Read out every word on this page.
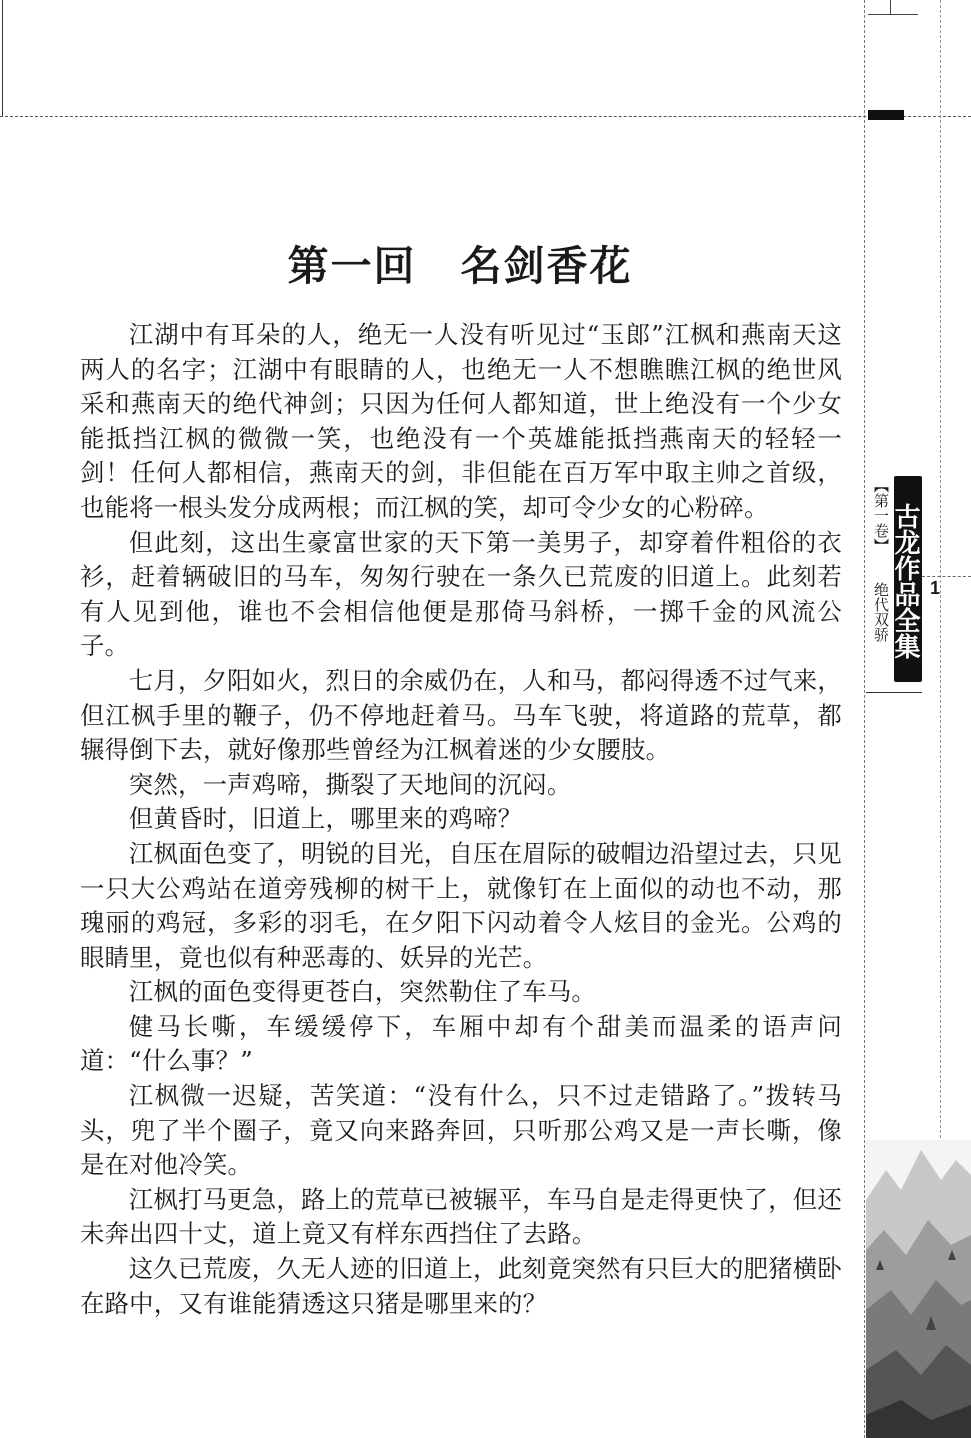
第一回 名剑香花

江湖中有耳朵的人，绝无一人没有听见过“玉郎”江枫和燕南天这两人的名字；江湖中有眼睛的人，也绝无一人不想瞧瞧江枫的绝世风采和燕南天的绝代神剑；只因为任何人都知道，世上绝没有一个少女能抵挡江枫的微微一笑，也绝没有一个英雄能抵挡燕南天的轻轻一剑！任何人都相信，燕南天的剑，非但能在百万军中取主帅之首级，也能将一根头发分成两根；而江枫的笑，却可令少女的心粉碎。

但此刻，这出生豪富世家的天下第一美男子，却穿着件粗俗的衣衫，赶着辆破旧的马车，匆匆行驶在一条久已荒废的旧道上。此刻若有人见到他，谁也不会相信他便是那倚马斜桥，一掷千金的风流公子。

七月，夕阳如火，烈日的余威仍在，人和马，都闷得透不过气来，但江枫手里的鞭子，仍不停地赶着马。马车飞驶，将道路的荒草，都辗得倒下去，就好像那些曾经为江枫着迷的少女腰肢。

突然，一声鸡啼，撕裂了天地间的沉闷。

但黄昏时，旧道上，哪里来的鸡啼？

江枫面色变了，明锐的目光，自压在眉际的破帽边沿望过去，只见一只大公鸡站在道旁残柳的树干上，就像钉在上面似的动也不动，那瑰丽的鸡冠，多彩的羽毛，在夕阳下闪动着令人炫目的金光。公鸡的眼睛里，竟也似有种恶毒的、妖异的光芒。

江枫的面色变得更苍白，突然勒住了车马。

健马长嘶，车缓缓停下，车厢中却有个甜美而温柔的语声问道：“什么事？”

江枫微一迟疑，苦笑道：“没有什么，只不过走错路了。”拨转马头，兜了半个圈子，竟又向来路奔回，只听那公鸡又是一声长嘶，像是在对他冷笑。

江枫打马更急，路上的荒草已被辗平，车马自是走得更快了，但还未奔出四十丈，道上竟又有样东西挡住了去路。

这久已荒废，久无人迹的旧道上，此刻竟突然有只巨大的肥猪横卧在路中，又有谁能猜透这只猪是哪里来的？

【第一卷】
绝代双骄 古龙作品全集 1
